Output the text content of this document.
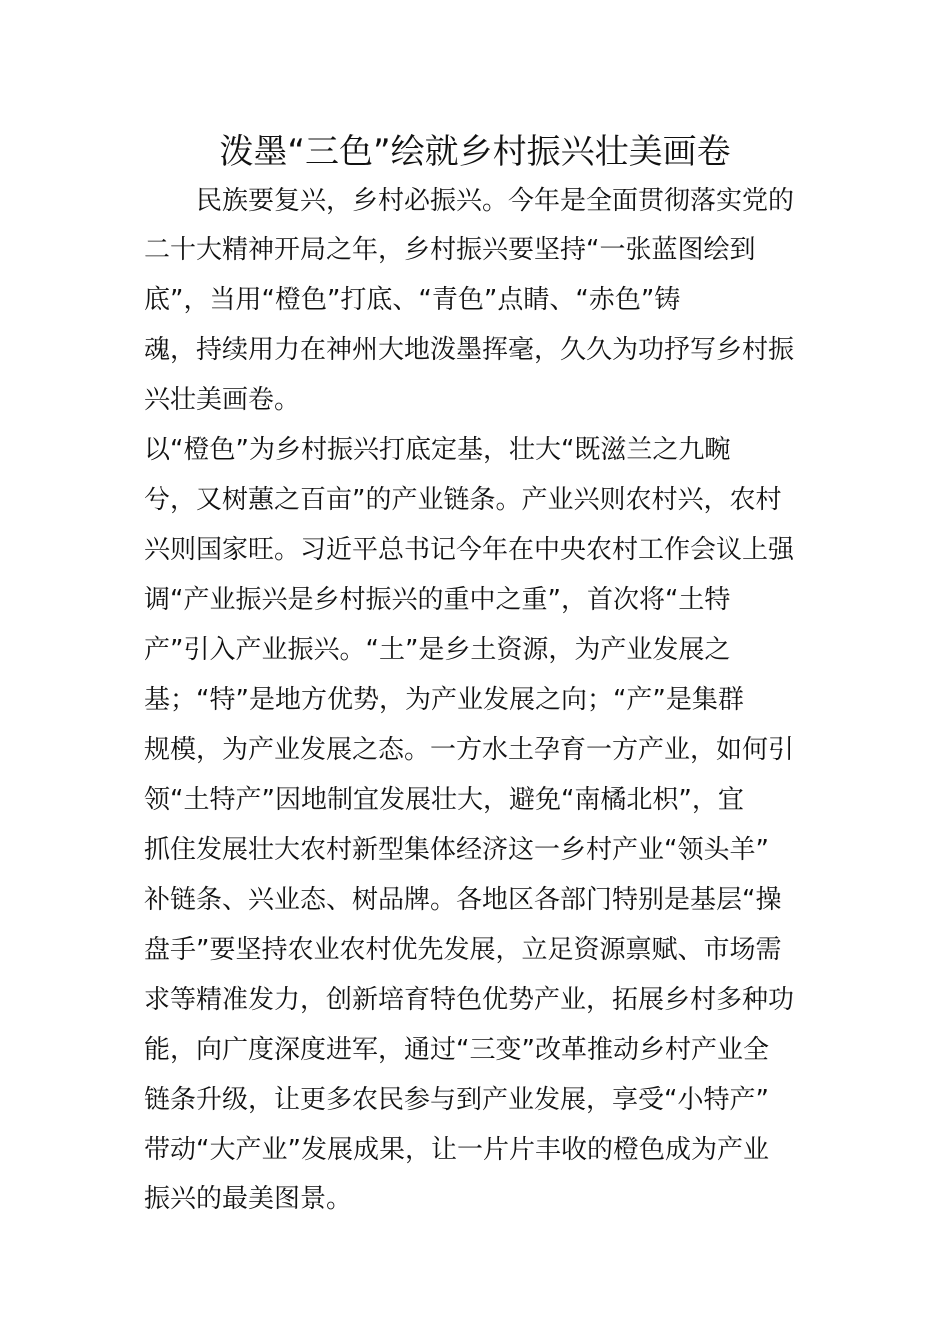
泼墨“三色”绘就乡村振兴壮美画卷
　　民族要复兴，乡村必振兴。今年是全面贯彻落实党的
二十大精神开局之年，乡村振兴要坚持“一张蓝图绘到
底”，当用“橙色”打底、“青色”点睛、“赤色”铸
魂，持续用力在神州大地泼墨挥毫，久久为功抒写乡村振
兴壮美画卷。
以“橙色”为乡村振兴打底定基，壮大“既滋兰之九畹
兮，又树蕙之百亩”的产业链条。产业兴则农村兴，农村
兴则国家旺。习近平总书记今年在中央农村工作会议上强
调“产业振兴是乡村振兴的重中之重”，首次将“土特
产”引入产业振兴。“土”是乡土资源，为产业发展之
基；“特”是地方优势，为产业发展之向；“产”是集群
规模，为产业发展之态。一方水土孕育一方产业，如何引
领“土特产”因地制宜发展壮大，避免“南橘北枳”，宜
抓住发展壮大农村新型集体经济这一乡村产业“领头羊”
补链条、兴业态、树品牌。各地区各部门特别是基层“操
盘手”要坚持农业农村优先发展，立足资源禀赋、市场需
求等精准发力，创新培育特色优势产业，拓展乡村多种功
能，向广度深度进军，通过“三变”改革推动乡村产业全
链条升级，让更多农民参与到产业发展，享受“小特产”
带动“大产业”发展成果，让一片片丰收的橙色成为产业
振兴的最美图景。
